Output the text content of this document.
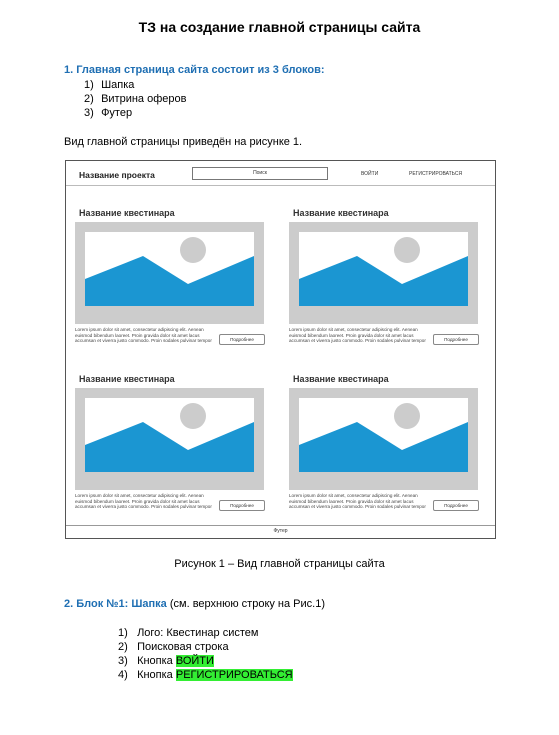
ТЗ на создание главной страницы сайта
1. Главная страница сайта состоит из 3 блоков:
1) Шапка
2) Витрина оферов
3) Футер
Вид главной страницы приведён на рисунке 1.
Название проекта	Поиск	ВОЙТИ	РЕГИСТРИРОВАТЬСЯ
Название квестинара
Lorem ipsum dolor sit amet, consectetur adipiscing elit. Aenean euismod bibendum laoreet. Proin gravida dolor sit amet lacus accumsan et viverra justo commodo. Proin sodales pulvinar tempor	Подробнее
Название квестинара
Lorem ipsum dolor sit amet, consectetur adipiscing elit. Aenean euismod bibendum laoreet. Proin gravida dolor sit amet lacus accumsan et viverra justo commodo. Proin sodales pulvinar tempor	Подробнее
Название квестинара
Lorem ipsum dolor sit amet, consectetur adipiscing elit. Aenean euismod bibendum laoreet. Proin gravida dolor sit amet lacus accumsan et viverra justo commodo. Proin sodales pulvinar tempor	Подробнее
Название квестинара
Lorem ipsum dolor sit amet, consectetur adipiscing elit. Aenean euismod bibendum laoreet. Proin gravida dolor sit amet lacus accumsan et viverra justo commodo. Proin sodales pulvinar tempor	Подробнее
Футер
Рисунок 1 – Вид главной страницы сайта
2. Блок №1: Шапка (см. верхнюю строку на Рис.1)
1) Лого: Квестинар систем
2) Поисковая строка
3) Кнопка ВОЙТИ
4) Кнопка РЕГИСТРИРОВАТЬСЯ
